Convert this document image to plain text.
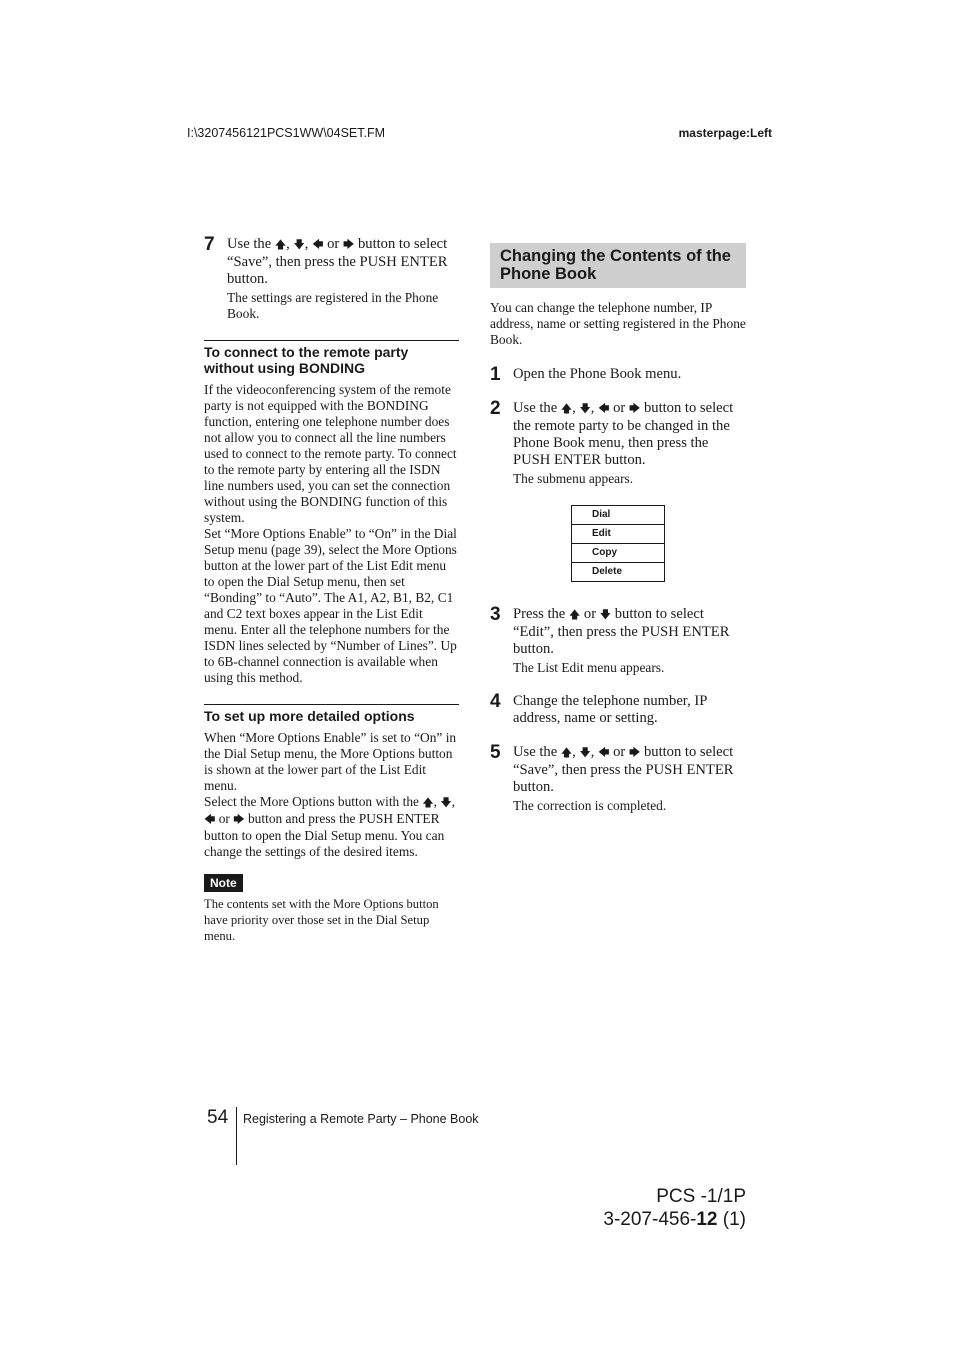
I:\3207456121PCS1WW\04SET.FM	masterpage:Left
7 Use the 🡅, 🡇, 🡄 or 🡆 button to select “Save”, then press the PUSH ENTER button.
The settings are registered in the Phone Book.
To connect to the remote party without using BONDING
If the videoconferencing system of the remote party is not equipped with the BONDING function, entering one telephone number does not allow you to connect all the line numbers used to connect to the remote party. To connect to the remote party by entering all the ISDN line numbers used, you can set the connection without using the BONDING function of this system.
Set “More Options Enable” to “On” in the Dial Setup menu (page 39), select the More Options button at the lower part of the List Edit menu to open the Dial Setup menu, then set “Bonding” to “Auto”. The A1, A2, B1, B2, C1 and C2 text boxes appear in the List Edit menu. Enter all the telephone numbers for the ISDN lines selected by “Number of Lines”. Up to 6B-channel connection is available when using this method.
To set up more detailed options
When “More Options Enable” is set to “On” in the Dial Setup menu, the More Options button is shown at the lower part of the List Edit menu.
Select the More Options button with the 🡅, 🡇, 🡄 or 🡆 button and press the PUSH ENTER button to open the Dial Setup menu. You can change the settings of the desired items.
Note
The contents set with the More Options button have priority over those set in the Dial Setup menu.
Changing the Contents of the Phone Book
You can change the telephone number, IP address, name or setting registered in the Phone Book.
1 Open the Phone Book menu.
2 Use the 🡅, 🡇, 🡄 or 🡆 button to select the remote party to be changed in the Phone Book menu, then press the PUSH ENTER button.
The submenu appears.
Dial
Edit
Copy
Delete
3 Press the 🡅 or 🡇 button to select “Edit”, then press the PUSH ENTER button.
The List Edit menu appears.
4 Change the telephone number, IP address, name or setting.
5 Use the 🡅, 🡇, 🡄 or 🡆 button to select “Save”, then press the PUSH ENTER button.
The correction is completed.
54 Registering a Remote Party – Phone Book
PCS -1/1P
3-207-456-12 (1)
